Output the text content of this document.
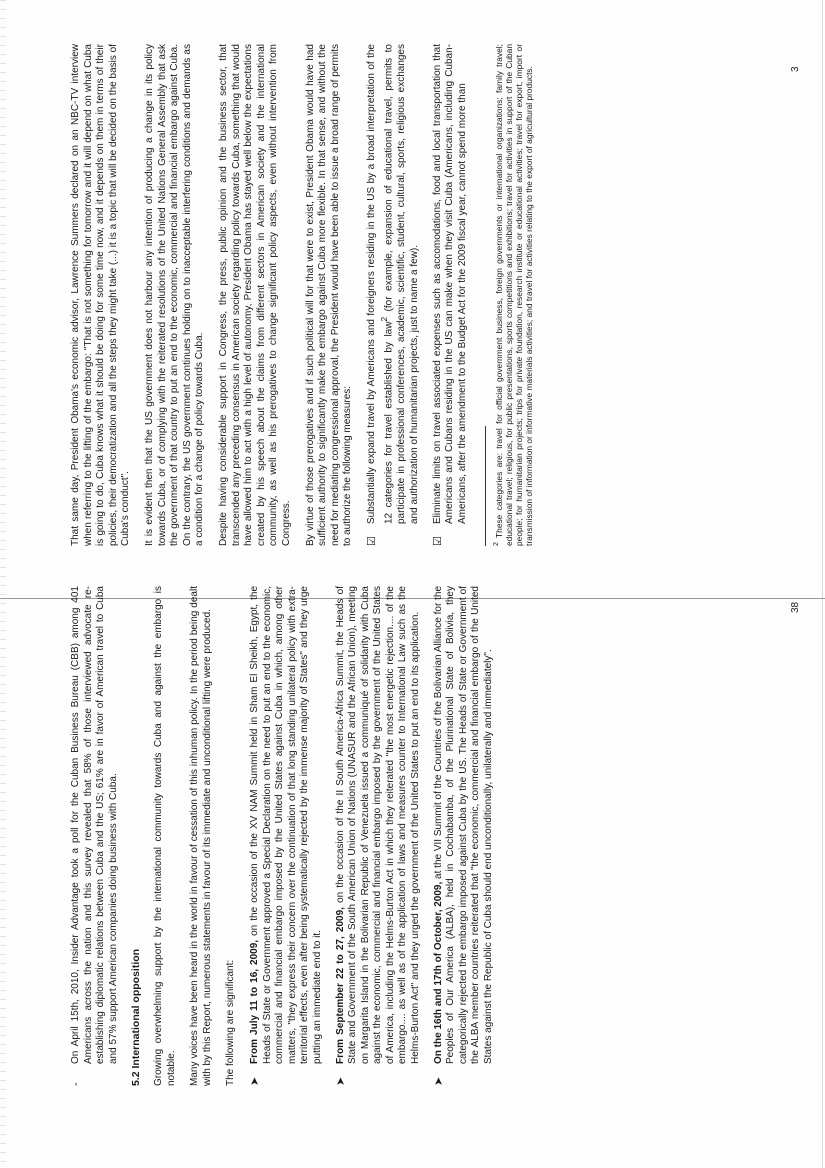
-
On April 15th, 2010, Insider Advantage took a poll for the Cuban Business Bureau (CBB) among 401 Americans across the nation and this survey revealed that 58% of those interviewed advocate re-establishing diplomatic relations between Cuba and the US; 61% are in favor of American travel to Cuba and 57% support American companies doing business with Cuba. 5.2 International opposition Growing overwhelming support by the international community towards Cuba and against the embargo is notable. Many voices have been heard in the world in favour of cessation of this inhuman policy. In the period being dealt with by this Report, numerous statements in favour of its immediate and unconditional lifting were produced. The following are significant: ➤
From July 11 to 16, 2009, on the occasion of the XV NAM Summit held in Sham El Sheikh, Egypt, the Heads of State or Government approved a Special Declaration on the need to put an end to the economic, commercial and financial embargo imposed by the United States against Cuba in which, among other matters, "they express their concern over the continuation of that long standing unilateral policy with extra-territorial effects, even after being systematically rejected by the immense majority of States" and they urge putting an immediate end to it.
➤
From September 22 to 27, 2009, on the occasion of the II South America-Africa Summit, the Heads of State and Government of the South American Union of Nations (UNASUR and the African Union), meeting on Margarita Island in the Bolivarian Republic of Venezuela issued a communiqué of solidarity with Cuba against the economic, commercial and financial embargo imposed by the government of the United States of America, including the Helms-Burton Act in which they reiterated "the most energetic rejection.... of the embargo.... as well as of the application of laws and measures counter to International Law such as the Helms-Burton Act" and they urged the government of the United States to put an end to its application.
➤
On the 16th and 17th of October, 2009, at the VII Summit of the Countries of the Bolivarian Alliance for the Peoples of Our America (ALBA), held in Cochabamba, of the Plurinational State of Bolivia, they categorically rejected the embargo imposed against Cuba by the US. The Heads of State or Government of the ALBA member countries reiterated that "the economic, commercial and financial embargo of the United States against the Republic of Cuba should end unconditionally, unilaterally and immediately".
38

That same day, President Obama's economic advisor, Lawrence Summers declared on an NBC-TV interview when referring to the lifting of the embargo: "That is not something for tomorrow and it will depend on what Cuba is going to do, Cuba knows what it should be doing for some time now, and it depends on them in terms of their policies, their democratization and all the steps they might take (...) it is a topic that will be decided on the basis of Cuba's conduct". It is evident then that the US government does not harbour any intention of producing a change in its policy towards Cuba, or of complying with the reiterated resolutions of the United Nations General Assembly that ask the government of that country to put an end to the economic, commercial and financial embargo against Cuba. On the contrary, the US government continues holding on to inacceptable interfering conditions and demands as a condition for a change of policy towards Cuba. Despite having considerable support in Congress, the press, public opinion and the business sector, that transcended any preceding consensus in American society regarding policy towards Cuba, something that would have allowed him to act with a high level of autonomy, President Obama has stayed well below the expectations created by his speech about the claims from different sectors in American society and the international community, as well as his prerogatives to change significant policy aspects, even without intervention from Congress. By virtue of those prerogatives and if such political will for that were to exist, President Obama would have had sufficient authority to significantly make the embargo against Cuba more flexible. In that sense, and without the need for mediating congressional approval, the President would have been able to issue a broad range of permits to authorize the following measures: ☑
Substantially expand travel by Americans and foreigners residing in the US by a broad interpretation of the 12 categories for travel established by law$^2$ (for example, expansion of educational travel, permits to participate in professional conferences, academic, scientific, student, cultural, sports, religious exchanges and authorization of humanitarian projects, just to name a few).
☑
Eliminate limits on travel associated expenses such as accomodations, food and local transportation that Americans and Cubans residing in the US can make when they visit Cuba (Americans, including Cuban-Americans, after the amendment to the Budget Act for the 2009 fiscal year, cannot spend more than
$^2$ These categories are: travel for official government business, foreign governments or international organizations; family travel; educational travel; religious, for public presentations, sports competitions and exhibitions; travel for activities in support of the Cuban people; for humanitarian projects; trips for private foundation, research institute or educational activities; travel for export, import or transmission of information or informative materials activities; and travel for activities relating to the export of agricultural products.	3
